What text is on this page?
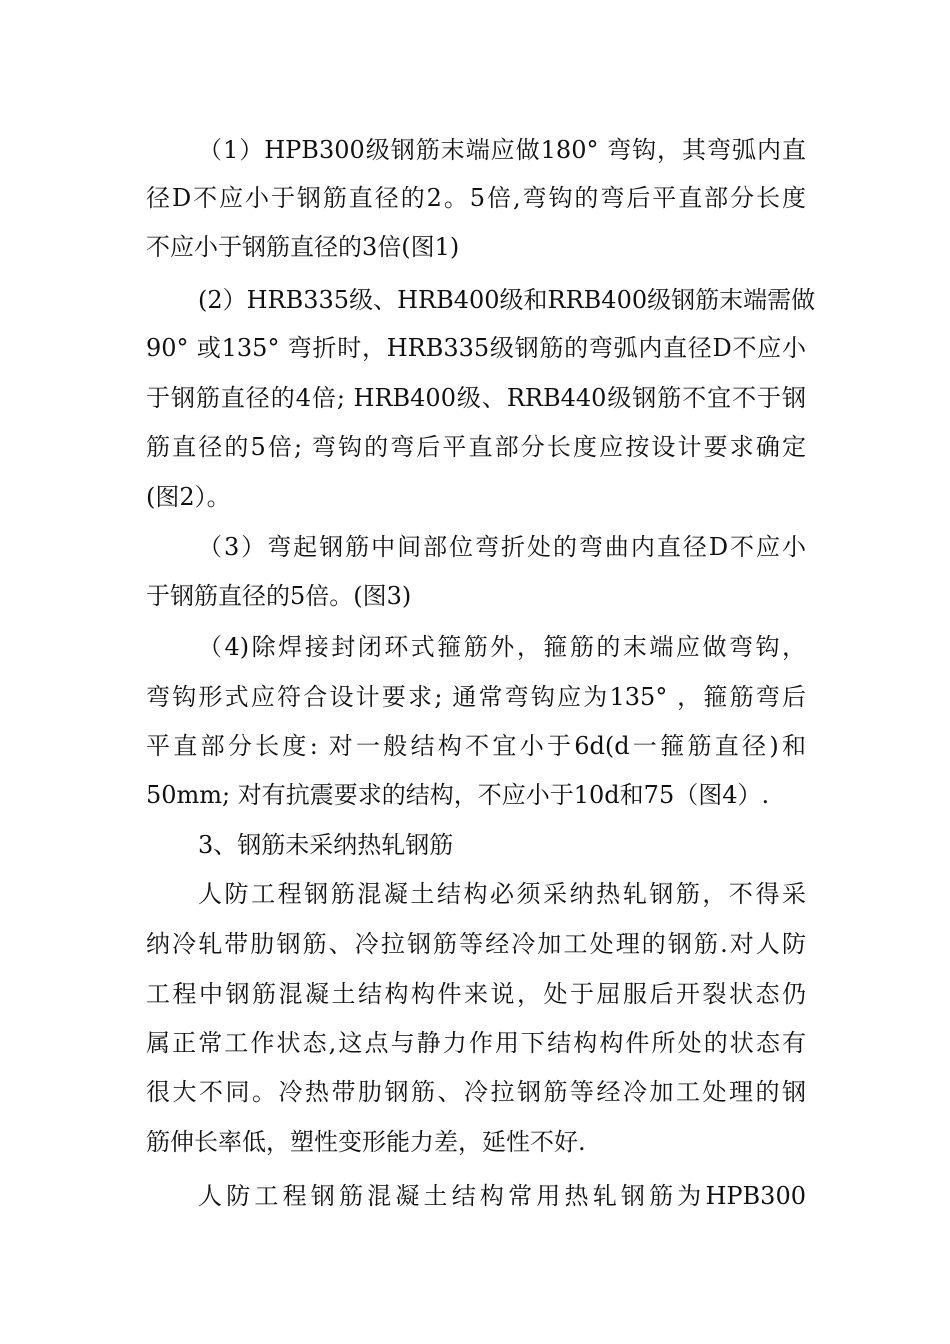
（1）HPB300级钢筋末端应做180° 弯钩，其弯弧内直
径D不应小于钢筋直径的2。5倍,弯钩的弯后平直部分长度
不应小于钢筋直径的3倍(图1)
(2）HRB335级、HRB400级和RRB400级钢筋末端需做
90° 或135° 弯折时，HRB335级钢筋的弯弧内直径D不应小
于钢筋直径的4倍; HRB400级、RRB440级钢筋不宜不于钢
筋直径的5倍; 弯钩的弯后平直部分长度应按设计要求确定
(图2）。
（3）弯起钢筋中间部位弯折处的弯曲内直径D不应小
于钢筋直径的5倍。(图3)
（4)除焊接封闭环式箍筋外，箍筋的末端应做弯钩，
弯钩形式应符合设计要求; 通常弯钩应为135° ，箍筋弯后
平直部分长度: 对一般结构不宜小于6d(d一箍筋直径)和
50mm; 对有抗震要求的结构，不应小于10d和75（图4）.
3、钢筋未采纳热轧钢筋
人防工程钢筋混凝土结构必须采纳热轧钢筋，不得采
纳冷轧带肋钢筋、冷拉钢筋等经冷加工处理的钢筋.对人防
工程中钢筋混凝土结构构件来说，处于屈服后开裂状态仍
属正常工作状态,这点与静力作用下结构构件所处的状态有
很大不同。冷热带肋钢筋、冷拉钢筋等经冷加工处理的钢
筋伸长率低，塑性变形能力差，延性不好.
人防工程钢筋混凝土结构常用热轧钢筋为HPB300
